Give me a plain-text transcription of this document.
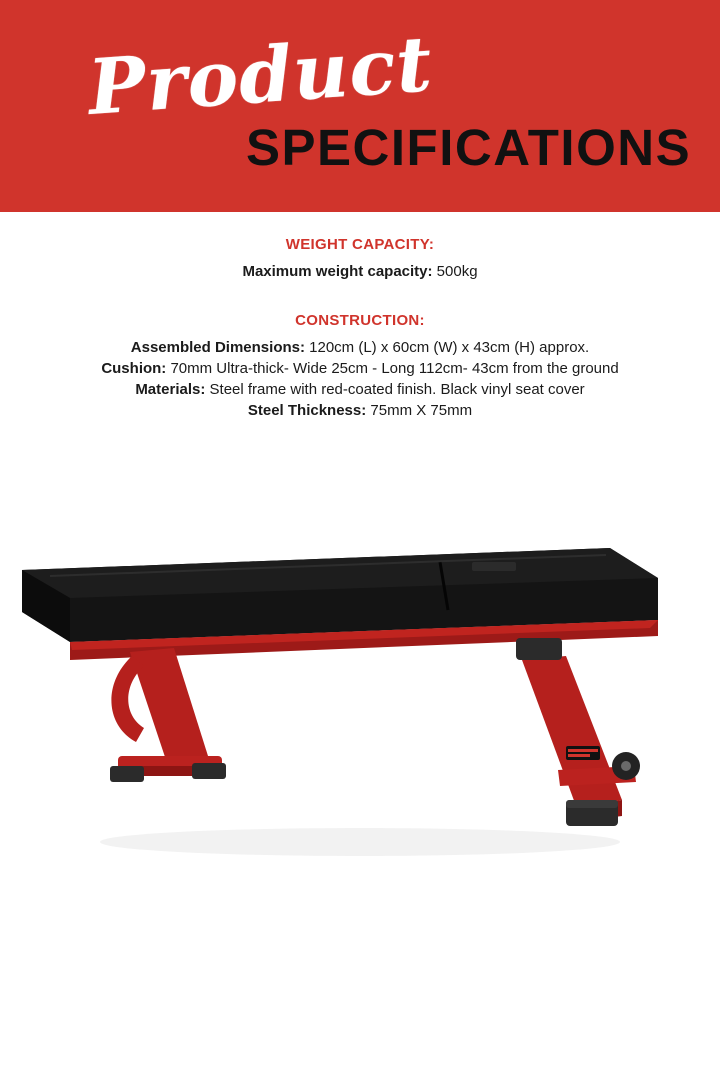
Product
SPECIFICATIONS
WEIGHT CAPACITY:

Maximum weight capacity: 500kg

CONSTRUCTION:

Assembled Dimensions: 120cm (L) x 60cm (W) x 43cm (H) approx.

Cushion: 70mm Ultra-thick- Wide 25cm - Long 112cm- 43cm from the ground

Materials: Steel frame with red-coated finish. Black vinyl seat cover

Steel Thickness: 75mm X 75mm
